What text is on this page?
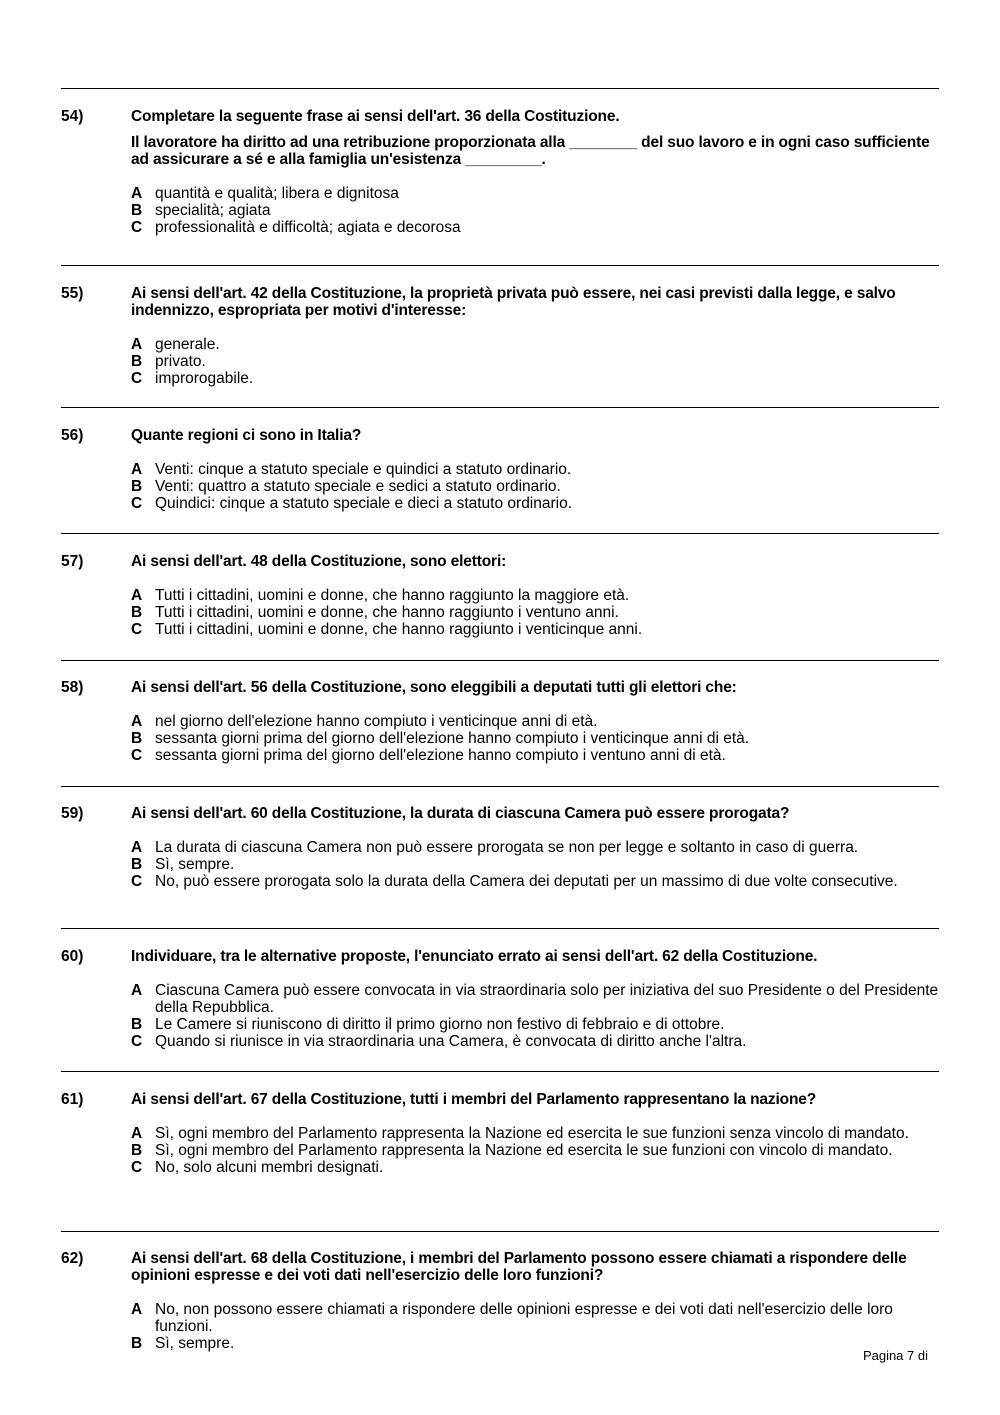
54)	Completare la seguente frase ai sensi dell'art. 36 della Costituzione.
Il lavoratore ha diritto ad una retribuzione proporzionata alla ________ del suo lavoro e in ogni caso sufficiente ad assicurare a sé e alla famiglia un'esistenza _________.
A quantità e qualità; libera e dignitosa
B specialità; agiata
C professionalità e difficoltà; agiata e decorosa
55)	Ai sensi dell'art. 42 della Costituzione, la proprietà privata può essere, nei casi previsti dalla legge, e salvo indennizzo, espropriata per motivi d'interesse:
A generale.
B privato.
C improrogabile.
56)	Quante regioni ci sono in Italia?
A Venti: cinque a statuto speciale e quindici a statuto ordinario.
B Venti: quattro a statuto speciale e sedici a statuto ordinario.
C Quindici: cinque a statuto speciale e dieci a statuto ordinario.
57)	Ai sensi dell'art. 48 della Costituzione, sono elettori:
A Tutti i cittadini, uomini e donne, che hanno raggiunto la maggiore età.
B Tutti i cittadini, uomini e donne, che hanno raggiunto i ventuno anni.
C Tutti i cittadini, uomini e donne, che hanno raggiunto i venticinque anni.
58)	Ai sensi dell'art. 56 della Costituzione, sono eleggibili a deputati tutti gli elettori che:
A nel giorno dell'elezione hanno compiuto i venticinque anni di età.
B sessanta giorni prima del giorno dell'elezione hanno compiuto i venticinque anni di età.
C sessanta giorni prima del giorno dell'elezione hanno compiuto i ventuno anni di età.
59)	Ai sensi dell'art. 60 della Costituzione, la durata di ciascuna Camera può essere prorogata?
A La durata di ciascuna Camera non può essere prorogata se non per legge e soltanto in caso di guerra.
B Sì, sempre.
C No, può essere prorogata solo la durata della Camera dei deputati per un massimo di due volte consecutive.
60)	Individuare, tra le alternative proposte, l'enunciato errato ai sensi dell'art. 62 della Costituzione.
A Ciascuna Camera può essere convocata in via straordinaria solo per iniziativa del suo Presidente o del Presidente della Repubblica.
B Le Camere si riuniscono di diritto il primo giorno non festivo di febbraio e di ottobre.
C Quando si riunisce in via straordinaria una Camera, è convocata di diritto anche l'altra.
61)	Ai sensi dell'art. 67 della Costituzione, tutti i membri del Parlamento rappresentano la nazione?
A Sì, ogni membro del Parlamento rappresenta la Nazione ed esercita le sue funzioni senza vincolo di mandato.
B Sì, ogni membro del Parlamento rappresenta la Nazione ed esercita le sue funzioni con vincolo di mandato.
C No, solo alcuni membri designati.
62)	Ai sensi dell'art. 68 della Costituzione, i membri del Parlamento possono essere chiamati a rispondere delle opinioni espresse e dei voti dati nell'esercizio delle loro funzioni?
A No, non possono essere chiamati a rispondere delle opinioni espresse e dei voti dati nell'esercizio delle loro funzioni.
B Sì, sempre.
Pagina 7 di
